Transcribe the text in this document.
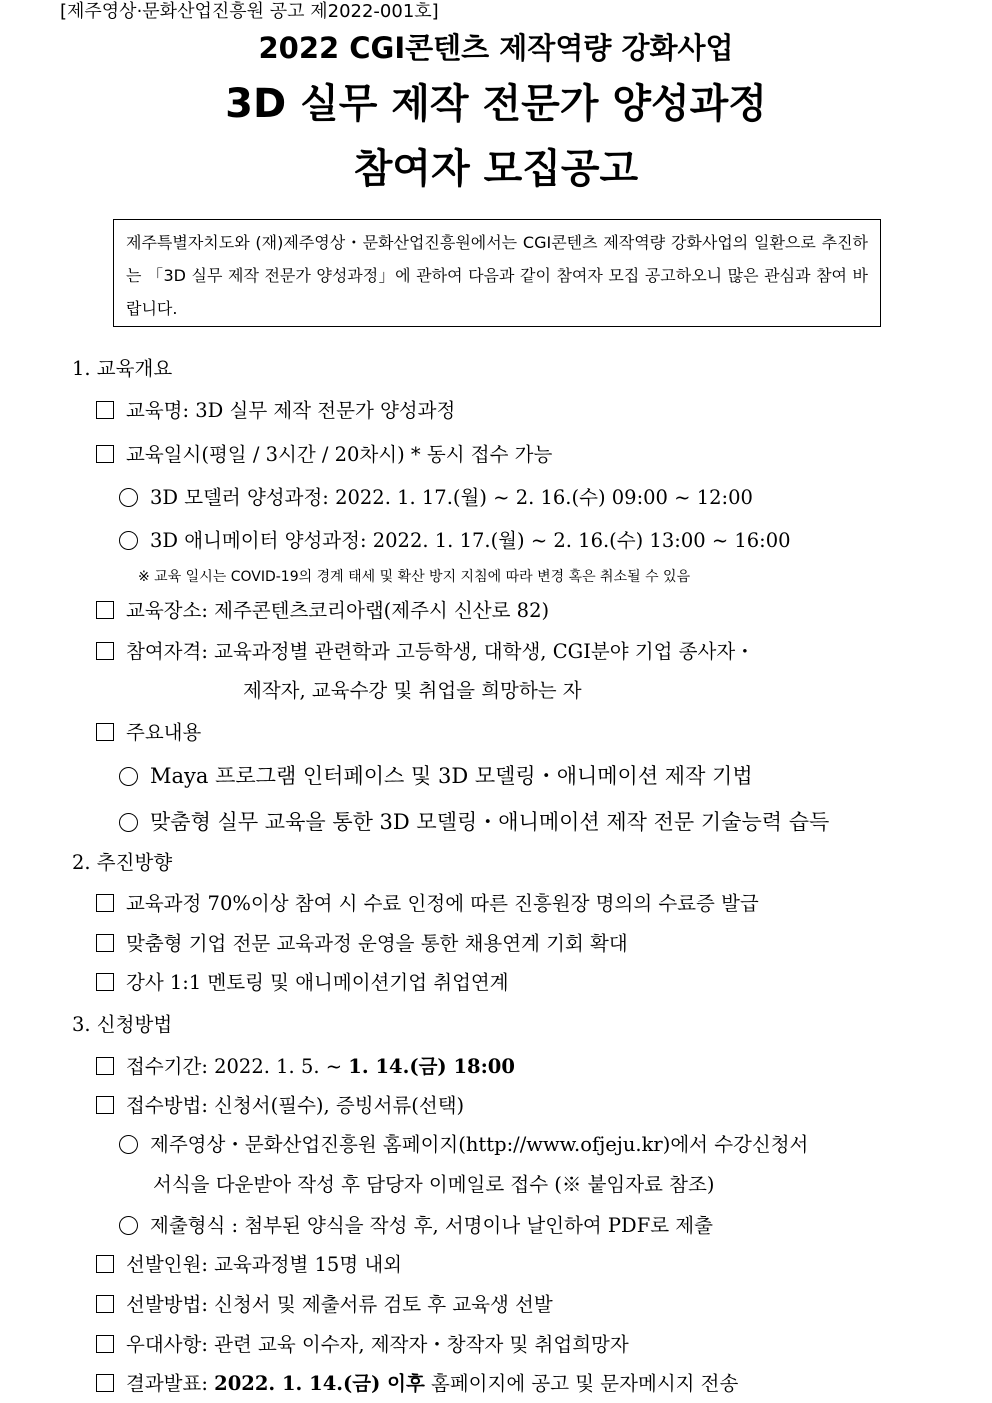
[제주영상·문화산업진흥원 공고 제2022-001호]
2022 CGI콘텐츠 제작역량 강화사업
3D 실무 제작 전문가 양성과정
참여자 모집공고
제주특별자치도와 (재)제주영상・문화산업진흥원에서는 CGI콘텐츠 제작역량 강화사업의 일환으로 추진하는 「3D 실무 제작 전문가 양성과정」에 관하여 다음과 같이 참여자 모집 공고하오니 많은 관심과 참여 바랍니다.
1. 교육개요
교육명: 3D 실무 제작 전문가 양성과정
교육일시(평일 / 3시간 / 20차시) * 동시 접수 가능
3D 모델러 양성과정: 2022. 1. 17.(월) ~ 2. 16.(수) 09:00 ~ 12:00
3D 애니메이터 양성과정: 2022. 1. 17.(월) ~ 2. 16.(수) 13:00 ~ 16:00
※ 교육 일시는 COVID-19의 경계 태세 및 확산 방지 지침에 따라 변경 혹은 취소될 수 있음
교육장소: 제주콘텐츠코리아랩(제주시 신산로 82)
참여자격: 교육과정별 관련학과 고등학생, 대학생, CGI분야 기업 종사자・
제작자, 교육수강 및 취업을 희망하는 자
주요내용
Maya 프로그램 인터페이스 및 3D 모델링・애니메이션 제작 기법
맞춤형 실무 교육을 통한 3D 모델링・애니메이션 제작 전문 기술능력 습득
2. 추진방향
교육과정 70%이상 참여 시 수료 인정에 따른 진흥원장 명의의 수료증 발급
맞춤형 기업 전문 교육과정 운영을 통한 채용연계 기회 확대
강사 1:1 멘토링 및 애니메이션기업 취업연계
3. 신청방법
접수기간: 2022. 1. 5. ~ 1. 14.(금) 18:00
접수방법: 신청서(필수), 증빙서류(선택)
제주영상・문화산업진흥원 홈페이지(http://www.ofjeju.kr)에서 수강신청서
서식을 다운받아 작성 후 담당자 이메일로 접수 (※ 붙임자료 참조)
제출형식 : 첨부된 양식을 작성 후, 서명이나 날인하여 PDF로 제출
선발인원: 교육과정별 15명 내외
선발방법: 신청서 및 제출서류 검토 후 교육생 선발
우대사항: 관련 교육 이수자, 제작자・창작자 및 취업희망자
결과발표: 2022. 1. 14.(금) 이후 홈페이지에 공고 및 문자메시지 전송
